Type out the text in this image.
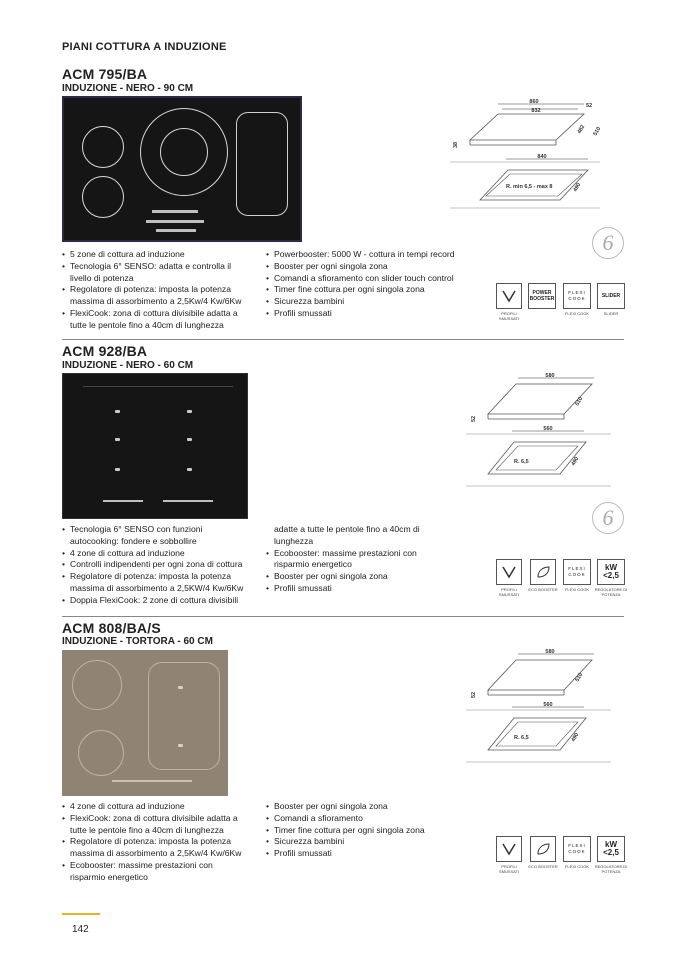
PIANI COTTURA A INDUZIONE
ACM 795/BA
INDUZIONE - NERO - 90 CM
860
832
52
482 510
38
840
R. min 6,5 - max 8	490
6
• 5 zone di cottura ad induzione
• Tecnologia 6° SENSO: adatta e controlla il
livello di potenza
• Regolatore di potenza: imposta la potenza
massima di assorbimento a 2,5Kw/4 Kw/6Kw
• FlexiCook: zona di cottura divisibile adatta a
tutte le pentole fino a 40cm di lunghezza
• Powerbooster: 5000 W - cottura in tempi record
• Booster per ogni singola zona
• Comandi a sfioramento con slider touch control
• Timer fine cottura per ogni singola zona
• Sicurezza bambini
• Profili smussati	PROFILI SMUSSATI
POWER BOOSTER
FLEXI COOK
FLEXI COOK
SLIDER
SLIDER
ACM 928/BA
INDUZIONE - NERO - 60 CM
580
510
52
560
R. 6,5	490
6
• Tecnologia 6° SENSO con funzioni
autocooking: fondere e sobbollire
• 4 zone di cottura ad induzione
• Controlli indipendenti per ogni zona di cottura
• Regolatore di potenza: imposta la potenza
massima di assorbimento a 2,5KW/4 Kw/6Kw
• Doppia FlexiCook: 2 zone di cottura divisibili
adatte a tutte le pentole fino a 40cm di
lunghezza
• Ecobooster: massime prestazioni con
risparmio energetico
• Booster per ogni singola zona
• Profili smussati	PROFILI SMUSSATI
ECO BOOSTER
FLEXI COOK
FLEXI COOK
kW <2,5
REGOLATORE DI POTENZA
ACM 808/BA/S
INDUZIONE - TORTORA - 60 CM
580
510
52
560
R. 6,5	490
• 4 zone di cottura ad induzione
• FlexiCook: zona di cottura divisibile adatta a
tutte le pentole fino a 40cm di lunghezza
• Regolatore di potenza: imposta la potenza
massima di assorbimento a 2,5Kw/4 Kw/6Kw
• Ecobooster: massime prestazioni con
risparmio energetico
• Booster per ogni singola zona
• Comandi a sfioramento
• Timer fine cottura per ogni singola zona
• Sicurezza bambini
• Profili smussati
PROFILI SMUSSATI
ECO BOOSTER
FLEXI COOK
FLEXI COOK
kW <2,5
REGOLATORE DI POTENZA
142
